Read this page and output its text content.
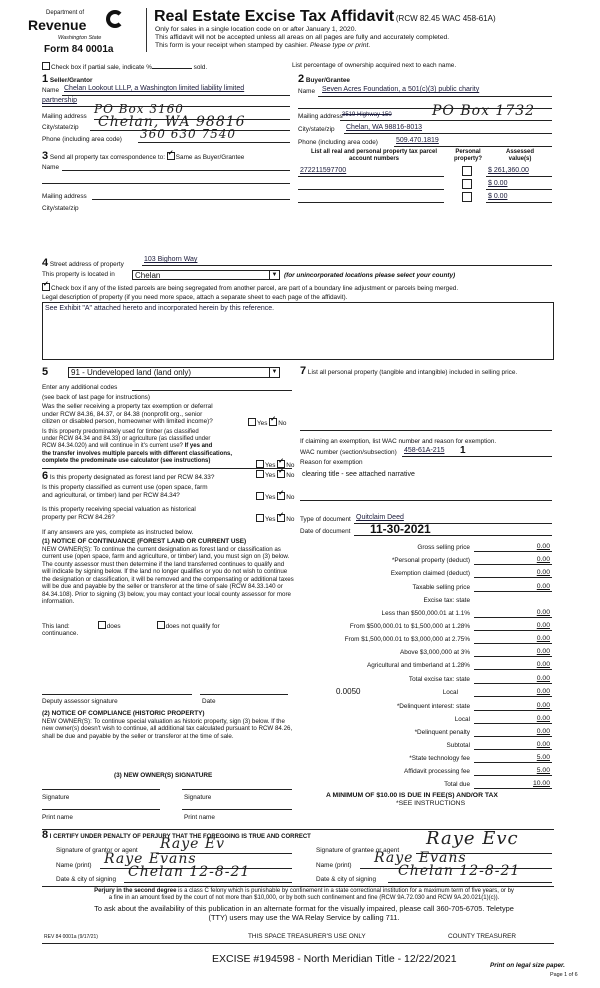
Department of
Revenue
Washington State
Form 84 0001a
Real Estate Excise Tax Affidavit (RCW 82.45 WAC 458-61A)
Only for sales in a single location code on or after January 1, 2020.
This affidavit will not be accepted unless all areas on all pages are fully and accurately completed.
This form is your receipt when stamped by cashier. Please type or print.
Check box if partial sale, indicate %	sold.	List percentage of ownership acquired next to each name.
1 Seller/Grantor
Name Chelan Lookout LLLP, a Washington limited liability limited
partnership
Mailing address
PO Box 3160
City/state/zip Chelan, WA 98816
Phone (including area code) 360 630 7540
2 Buyer/Grantee
Name Seven Acres Foundation, a 501(c)(3) public charity
Mailing address 3519 Highway 150	PO Box 1732
City/state/zip Chelan, WA 98816-8013
Phone (including area code)	509.470.1819
3 Send all property tax correspondence to: ✓ Same as Buyer/Grantee
Name
Mailing address
City/state/zip
List all real and personal property tax parcel account numbers
Personal property?
Assessed value(s)
272211597700	$ 261,360.00
$ 0.00
$ 0.00
4 Street address of property
103 Bighorn Way
This property is located in	Chelan	▼ (for unincorporated locations please select your county)
✓Check box if any of the listed parcels are being segregated from another parcel, are part of a boundary line adjustment or parcels being merged.
Legal description of property (if you need more space, attach a separate sheet to each page of the affidavit).
See Exhibit "A" attached hereto and incorporated herein by this reference.
5	91 - Undeveloped land (land only)	▼
Enter any additional codes
(see back of last page for instructions)
Was the seller receiving a property tax exemption or deferral
under RCW 84.36, 84.37, or 84.38 (nonprofit org., senior
citizen or disabled person, homeowner with limited income)?	Yes ✓ No
Is this property predominately used for timber (as classified
under RCW 84.34 and 84.33) or agriculture (as classified under
RCW 84.34.020) and will continue in it's current use? If yes and
the transfer involves multiple parcels with different classifications,
complete the predominate use calculator (see instructions)
Yes ✓ No
6 Is this property designated as forest land per RCW 84.33?	Yes ✓ No
Is this property classified as current use (open space, farm
and agricultural, or timber) land per RCW 84.34?	Yes ✓ No
Is this property receiving special valuation as historical
property per RCW 84.26?	Yes ✓ No
If any answers are yes, complete as instructed below.
(1) NOTICE OF CONTINUANCE (FOREST LAND OR CURRENT USE)
NEW OWNER(S): To continue the current designation as forest land or classification as current use (open space, farm and agriculture, or timber) land, you must sign on (3) below. The county assessor must then determine if the land transferred continues to qualify and will indicate by signing below. If the land no longer qualifies or you do not wish to continue the designation or classification, it will be removed and the compensating or additional taxes will be due and payable by the seller or transferor at the time of sale (RCW 84.33.140 or 84.34.108). Prior to signing (3) below, you may contact your local county assessor for more information.
This land:	does	does not qualify for
continuance.
Deputy assessor signature	Date
(2) NOTICE OF COMPLIANCE (HISTORIC PROPERTY)
NEW OWNER(S): To continue special valuation as historic property, sign (3) below. If the new owner(s) doesn't wish to continue, all additional tax calculated pursuant to RCW 84.26, shall be due and payable by the seller or transferor at the time of sale.
(3) NEW OWNER(S) SIGNATURE
Signature	Signature
Print name	Print name
7 List all personal property (tangible and intangible) included in selling price.
If claiming an exemption, list WAC number and reason for exemption.
WAC number (section/subsection) 458-61A-215 1
Reason for exemption
clearing title - see attached narrative
Type of document Quitclaim Deed
Date of document 11-30-2021
Gross selling price	0.00
*Personal property (deduct)	0.00
Exemption claimed (deduct)	0.00
Taxable selling price	0.00
Excise tax: state
Less than $500,000.01 at 1.1%	0.00
From $500,000.01 to $1,500,000 at 1.28%	0.00
From $1,500,000.01 to $3,000,000 at 2.75%	0.00
Above $3,000,000 at 3%	0.00
Agricultural and timberland at 1.28%	0.00
Total excise tax: state	0.00
Local	0.00
*Delinquent interest: state	0.00
Local	0.00
*Delinquent penalty	0.00
Subtotal	0.00
*State technology fee	5.00
Affidavit processing fee	5.00
Total due	10.00
0.0050
A MINIMUM OF $10.00 IS DUE IN FEE(S) AND/OR TAX
*SEE INSTRUCTIONS
8 I CERTIFY UNDER PENALTY OF PERJURY THAT THE FOREGOING IS TRUE AND CORRECT
Signature of grantor or agent Raye Ev
Name (print) Raye Evans
Date & city of signing Chelan 12-8-21
Signature of grantee or agent
Raye Evc
Name (print) Raye Evans
Date & city of signing
Chelan 12-8-21
Perjury in the second degree is a class C felony which is punishable by confinement in a state correctional institution for a maximum term of five years, or by
a fine in an amount fixed by the court of not more than $10,000, or by both such confinement and fine (RCW 9A.72.030 and RCW 9A.20.021(1)(c)).
To ask about the availability of this publication in an alternate format for the visually impaired, please call 360-705-6705. Teletype
(TTY) users may use the WA Relay Service by calling 711.
REV 84 0001a (9/17/21)	THIS SPACE TREASURER'S USE ONLY	COUNTY TREASURER
EXCISE #194598 - North Meridian Title - 12/22/2021
Print on legal size paper.
Page 1 of 6
